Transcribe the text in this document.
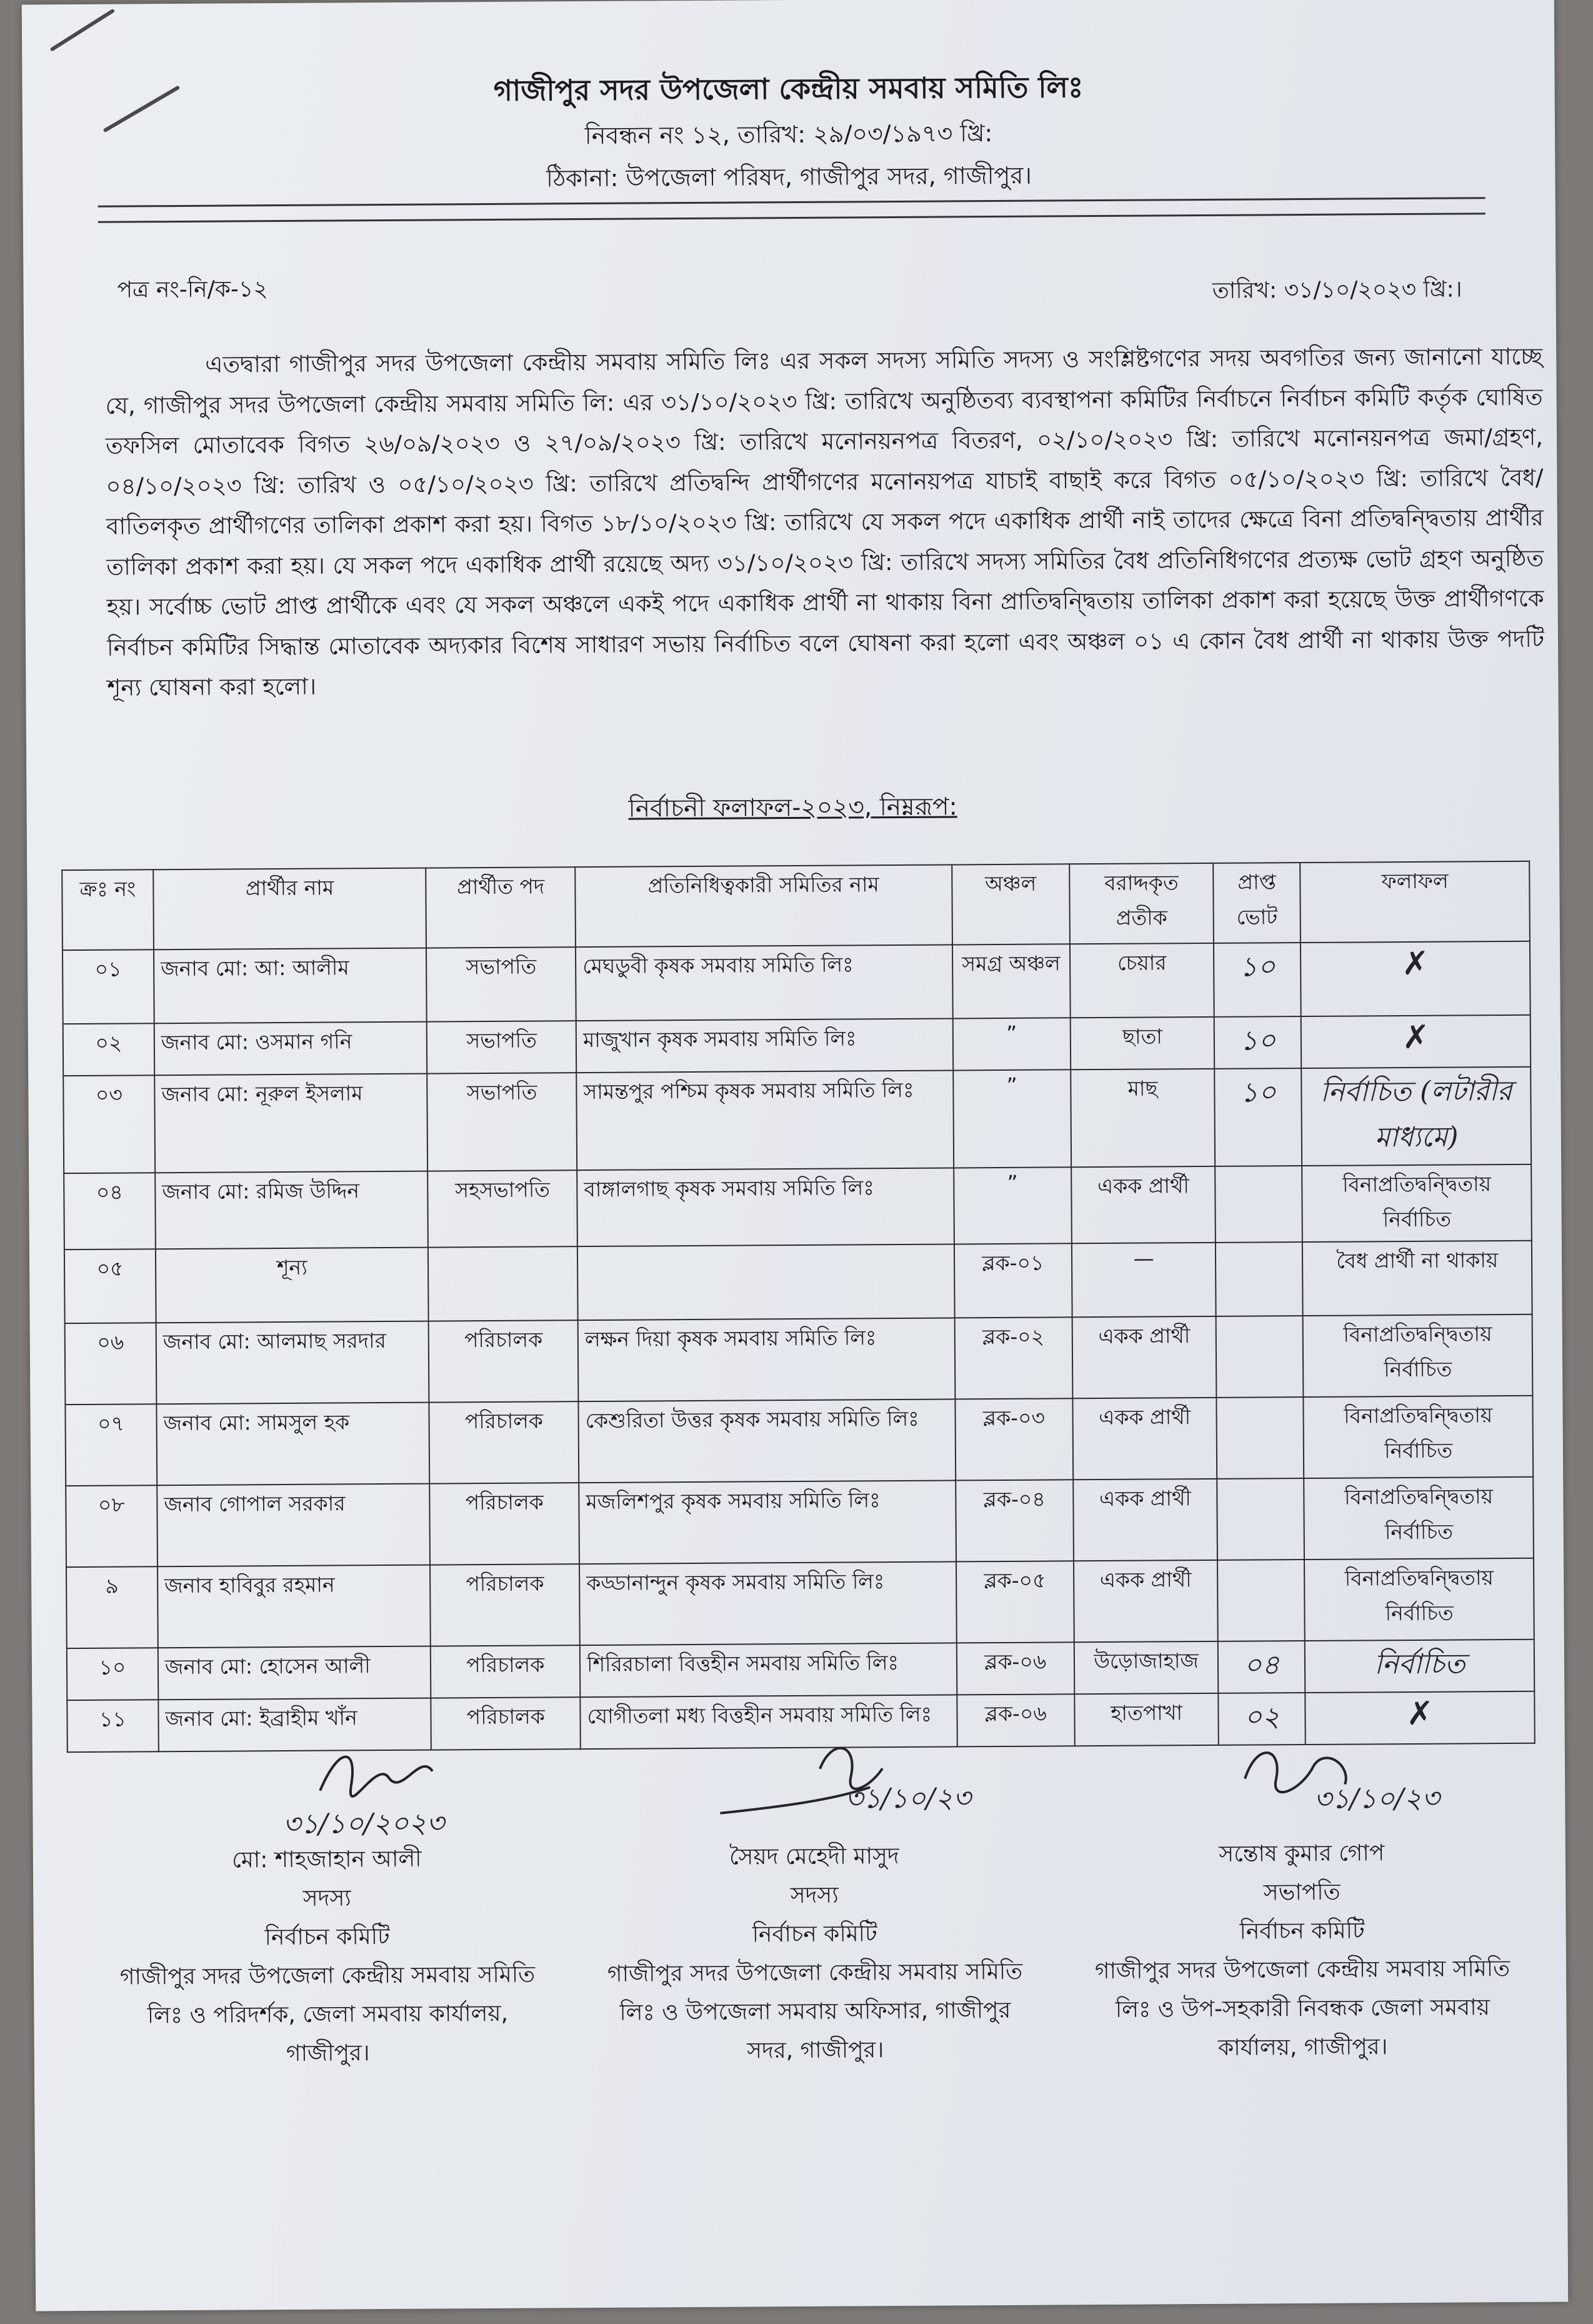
গাজীপুর সদর উপজেলা কেন্দ্রীয় সমবায় সমিতি লিঃ
নিবন্ধন নং ১২, তারিখ: ২৯/০৩/১৯৭৩ খ্রি:
ঠিকানা: উপজেলা পরিষদ, গাজীপুর সদর, গাজীপুর।
পত্র নং-নি/ক-১২	তারিখ: ৩১/১০/২০২৩ খ্রি:।

এতদ্বারা গাজীপুর সদর উপজেলা কেন্দ্রীয় সমবায় সমিতি লিঃ এর সকল সদস্য সমিতি সদস্য ও সংশ্লিষ্টগণের সদয় অবগতির জন্য জানানো যাচ্ছে যে, গাজীপুর সদর উপজেলা কেন্দ্রীয় সমবায় সমিতি লি: এর ৩১/১০/২০২৩ খ্রি: তারিখে অনুষ্ঠিতব্য ব্যবস্থাপনা কমিটির নির্বাচনে নির্বাচন কমিটি কর্তৃক ঘোষিত তফসিল মোতাবেক বিগত ২৬/০৯/২০২৩ ও ২৭/০৯/২০২৩ খ্রি: তারিখে মনোনয়নপত্র বিতরণ, ০২/১০/২০২৩ খ্রি: তারিখে মনোনয়নপত্র জমা/গ্রহণ, ০৪/১০/২০২৩ খ্রি: তারিখ ও ০৫/১০/২০২৩ খ্রি: তারিখে প্রতিদ্বন্দি প্রার্থীগণের মনোনয়পত্র যাচাই বাছাই করে বিগত ০৫/১০/২০২৩ খ্রি: তারিখে বৈধ/বাতিলকৃত প্রার্থীগণের তালিকা প্রকাশ করা হয়। বিগত ১৮/১০/২০২৩ খ্রি: তারিখে যে সকল পদে একাধিক প্রার্থী নাই তাদের ক্ষেত্রে বিনা প্রতিদ্বন্দ্বিতায় প্রার্থীর তালিকা প্রকাশ করা হয়। যে সকল পদে একাধিক প্রার্থী রয়েছে অদ্য ৩১/১০/২০২৩ খ্রি: তারিখে সদস্য সমিতির বৈধ প্রতিনিধিগণের প্রত্যক্ষ ভোট গ্রহণ অনুষ্ঠিত হয়। সর্বোচ্চ ভোট প্রাপ্ত প্রার্থীকে এবং যে সকল অঞ্চলে একই পদে একাধিক প্রার্থী না থাকায় বিনা প্রাতিদ্বন্দ্বিতায় তালিকা প্রকাশ করা হয়েছে উক্ত প্রার্থীগণকে নির্বাচন কমিটির সিদ্ধান্ত মোতাবেক অদ্যকার বিশেষ সাধারণ সভায় নির্বাচিত বলে ঘোষনা করা হলো এবং অঞ্চল ০১ এ কোন বৈধ প্রার্থী না থাকায় উক্ত পদটি শূন্য ঘোষনা করা হলো।

নির্বাচনী ফলাফল-২০২৩, নিম্নরূপ:
ক্রঃ নং	প্রার্থীর নাম	প্রার্থীত পদ	প্রতিনিধিত্বকারী সমিতির নাম	অঞ্চল	বরাদ্দকৃত প্রতীক	প্রাপ্ত ভোট	ফলাফল
০১	জনাব মো: আ: আলীম	সভাপতি	মেঘডুবী কৃষক সমবায় সমিতি লিঃ	সমগ্র অঞ্চল	চেয়ার	১০	✗
০২	জনাব মো: ওসমান গনি	সভাপতি	মাজুখান কৃষক সমবায় সমিতি লিঃ	”	ছাতা	১০	✗
০৩	জনাব মো: নূরুল ইসলাম	সভাপতি	সামন্তপুর পশ্চিম কৃষক সমবায় সমিতি লিঃ	”	মাছ	১০	নির্বাচিত (লটারীর মাধ্যমে)
০৪	জনাব মো: রমিজ উদ্দিন	সহসভাপতি	বাঙ্গালগাছ কৃষক সমবায় সমিতি লিঃ	”	একক প্রার্থী		বিনাপ্রতিদ্বন্দ্বিতায় নির্বাচিত
০৫	শূন্য			ব্লক-০১	—		বৈধ প্রার্থী না থাকায়
০৬	জনাব মো: আলমাছ সরদার	পরিচালক	লক্ষন দিয়া কৃষক সমবায় সমিতি লিঃ	ব্লক-০২	একক প্রার্থী		বিনাপ্রতিদ্বন্দ্বিতায় নির্বাচিত
০৭	জনাব মো: সামসুল হক	পরিচালক	কেশুরিতা উত্তর কৃষক সমবায় সমিতি লিঃ	ব্লক-০৩	একক প্রার্থী		বিনাপ্রতিদ্বন্দ্বিতায় নির্বাচিত
০৮	জনাব গোপাল সরকার	পরিচালক	মজলিশপুর কৃষক সমবায় সমিতি লিঃ	ব্লক-০৪	একক প্রার্থী		বিনাপ্রতিদ্বন্দ্বিতায় নির্বাচিত
৯	জনাব হাবিবুর রহমান	পরিচালক	কড্ডানান্দুন কৃষক সমবায় সমিতি লিঃ	ব্লক-০৫	একক প্রার্থী		বিনাপ্রতিদ্বন্দ্বিতায় নির্বাচিত
১০	জনাব মো: হোসেন আলী	পরিচালক	শিরিরচালা বিত্তহীন সমবায় সমিতি লিঃ	ব্লক-০৬	উড়োজাহাজ	০৪	নির্বাচিত
১১	জনাব মো: ইব্রাহীম খাঁন	পরিচালক	যোগীতলা মধ্য বিত্তহীন সমবায় সমিতি লিঃ	ব্লক-০৬	হাতপাখা	০২	✗
৩১/১০/২০২৩
৩১/১০/২৩	৩১/১০/২৩
মো: শাহজাহান আলী
সদস্য
নির্বাচন কমিটি
গাজীপুর সদর উপজেলা কেন্দ্রীয় সমবায় সমিতি লিঃ ও পরিদর্শক, জেলা সমবায় কার্যালয়, গাজীপুর।
সৈয়দ মেহেদী মাসুদ
সদস্য
নির্বাচন কমিটি
গাজীপুর সদর উপজেলা কেন্দ্রীয় সমবায় সমিতি লিঃ ও উপজেলা সমবায় অফিসার, গাজীপুর সদর, গাজীপুর।
সন্তোষ কুমার গোপ
সভাপতি
নির্বাচন কমিটি
গাজীপুর সদর উপজেলা কেন্দ্রীয় সমবায় সমিতি লিঃ ও উপ-সহকারী নিবন্ধক জেলা সমবায় কার্যালয়, গাজীপুর।
